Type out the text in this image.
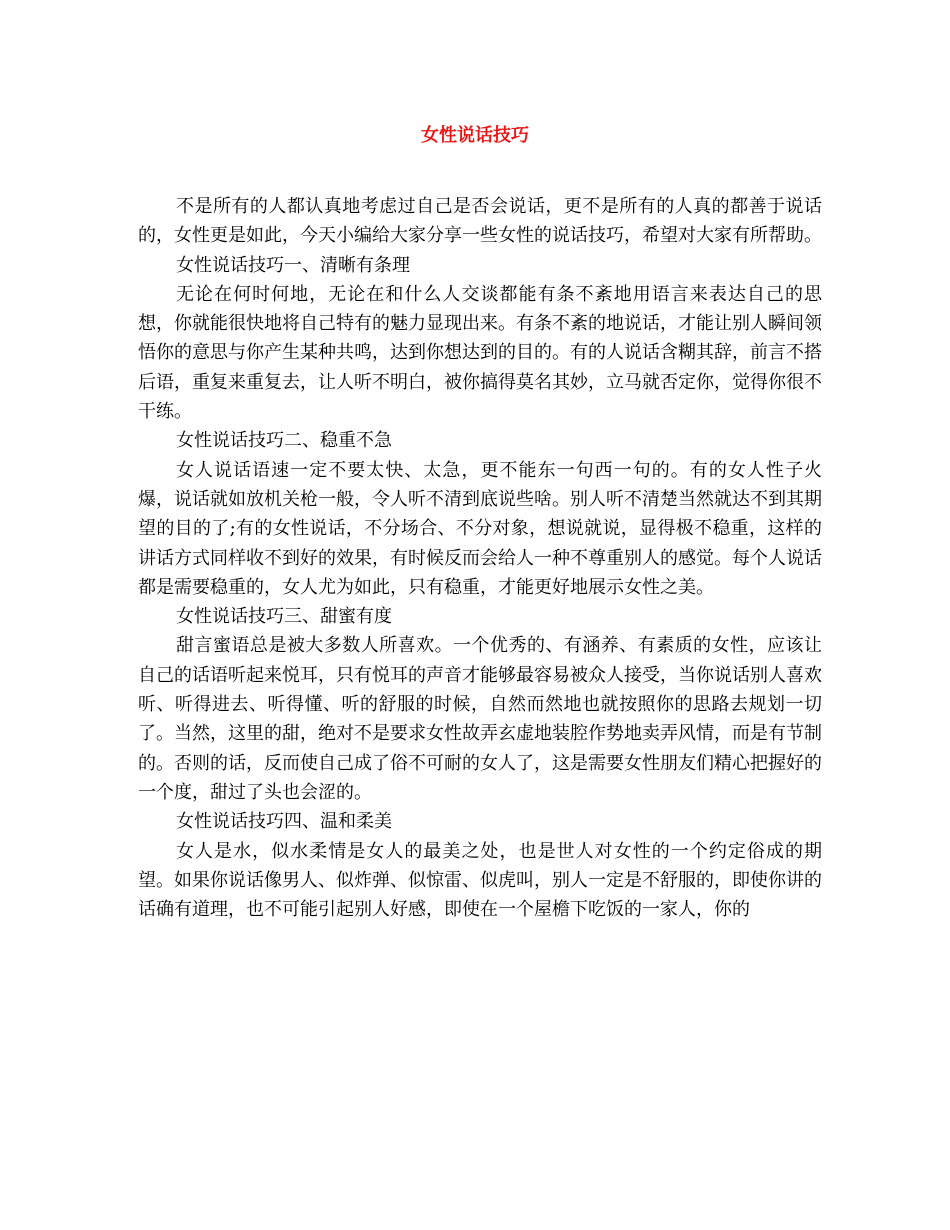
女性说话技巧

不是所有的人都认真地考虑过自己是否会说话，更不是所有的人真的都善于说话的，女性更是如此，今天小编给大家分享一些女性的说话技巧，希望对大家有所帮助。

女性说话技巧一、清晰有条理

无论在何时何地，无论在和什么人交谈都能有条不紊地用语言来表达自己的思想，你就能很快地将自己特有的魅力显现出来。有条不紊的地说话，才能让别人瞬间领悟你的意思与你产生某种共鸣，达到你想达到的目的。有的人说话含糊其辞，前言不搭后语，重复来重复去，让人听不明白，被你搞得莫名其妙，立马就否定你，觉得你很不干练。

女性说话技巧二、稳重不急

女人说话语速一定不要太快、太急，更不能东一句西一句的。有的女人性子火爆，说话就如放机关枪一般，令人听不清到底说些啥。别人听不清楚当然就达不到其期望的目的了;有的女性说话，不分场合、不分对象，想说就说，显得极不稳重，这样的讲话方式同样收不到好的效果，有时候反而会给人一种不尊重别人的感觉。每个人说话都是需要稳重的，女人尤为如此，只有稳重，才能更好地展示女性之美。

女性说话技巧三、甜蜜有度

甜言蜜语总是被大多数人所喜欢。一个优秀的、有涵养、有素质的女性，应该让自己的话语听起来悦耳，只有悦耳的声音才能够最容易被众人接受，当你说话别人喜欢听、听得进去、听得懂、听的舒服的时候，自然而然地也就按照你的思路去规划一切了。当然，这里的甜，绝对不是要求女性故弄玄虚地装腔作势地卖弄风情，而是有节制的。否则的话，反而使自己成了俗不可耐的女人了，这是需要女性朋友们精心把握好的一个度，甜过了头也会涩的。

女性说话技巧四、温和柔美

女人是水，似水柔情是女人的最美之处，也是世人对女性的一个约定俗成的期望。如果你说话像男人、似炸弹、似惊雷、似虎叫，别人一定是不舒服的，即使你讲的话确有道理，也不可能引起别人好感，即使在一个屋檐下吃饭的一家人，你的
